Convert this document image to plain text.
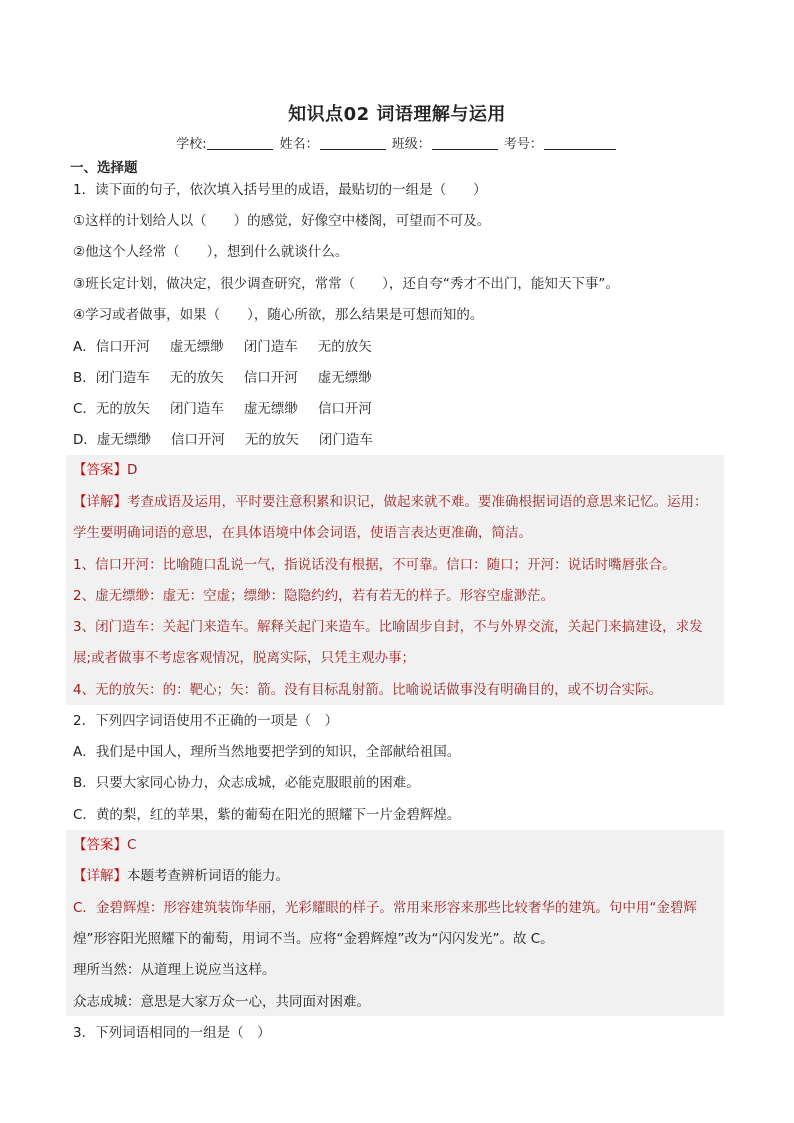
知识点02 词语理解与运用
学校:	姓名：	班级：	考号：
一、选择题
1．读下面的句子，依次填入括号里的成语，最贴切的一组是（　　）
①这样的计划给人以（　　）的感觉，好像空中楼阁，可望而不可及。
②他这个人经常（　　），想到什么就谈什么。
③班长定计划，做决定，很少调查研究，常常（　　），还自夸“秀才不出门，能知天下事”。
④学习或者做事，如果（　　），随心所欲，那么结果是可想而知的。
A．信口开河 虚无缥缈 闭门造车 无的放矢
B．闭门造车 无的放矢 信口开河 虚无缥缈
C．无的放矢 闭门造车 虚无缥缈 信口开河
D．虚无缥缈 信口开河 无的放矢 闭门造车
【答案】D
【详解】考查成语及运用，平时要注意积累和识记，做起来就不难。要准确根据词语的意思来记忆。运用：
学生要明确词语的意思，在具体语境中体会词语，使语言表达更准确，简洁。
1、信口开河：比喻随口乱说一气，指说话没有根据，不可靠。信口：随口；开河：说话时嘴唇张合。
2、虚无缥缈：虚无：空虚；缥缈：隐隐约约，若有若无的样子。形容空虚渺茫。
3、闭门造车：关起门来造车。解释关起门来造车。比喻固步自封，不与外界交流，关起门来搞建设，求发
展;或者做事不考虑客观情况，脱离实际，只凭主观办事；
4、无的放矢：的：靶心；矢：箭。没有目标乱射箭。比喻说话做事没有明确目的，或不切合实际。
2．下列四字词语使用不正确的一项是（　）
A．我们是中国人，理所当然地要把学到的知识，全部献给祖国。
B．只要大家同心协力，众志成城，必能克服眼前的困难。
C．黄的梨，红的苹果，紫的葡萄在阳光的照耀下一片金碧辉煌。
【答案】C
【详解】本题考查辨析词语的能力。
C．金碧辉煌：形容建筑装饰华丽，光彩耀眼的样子。常用来形容来那些比较奢华的建筑。句中用“金碧辉
煌”形容阳光照耀下的葡萄，用词不当。应将“金碧辉煌”改为“闪闪发光”。故 C。
理所当然：从道理上说应当这样。
众志成城：意思是大家万众一心，共同面对困难。
3．下列词语相同的一组是（　）
